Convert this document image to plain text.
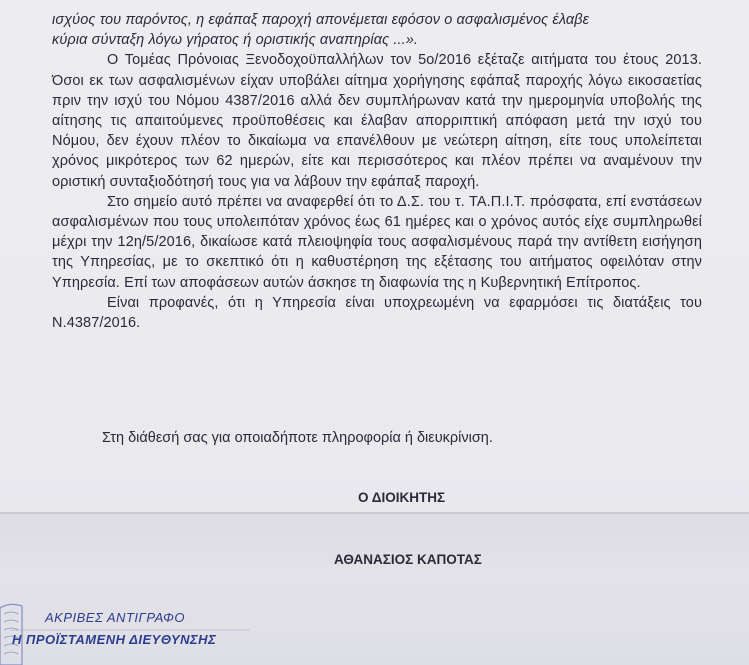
ισχύος του παρόντος, η εφάπαξ παροχή απονέμεται εφόσον ο ασφαλισμένος έλαβε

κύρια σύνταξη λόγω γήρατος ή οριστικής αναπηρίας ...».

Ο Τομέας Πρόνοιας Ξενοδοχοϋπαλλήλων τον 5ο/2016 εξέταζε αιτήματα του έτους 2013. Όσοι εκ των ασφαλισμένων είχαν υποβάλει αίτημα χορήγησης εφάπαξ παροχής λόγω εικοσαετίας πριν την ισχύ του Νόμου 4387/2016 αλλά δεν συμπλήρωναν κατά την ημερομηνία υποβολής της αίτησης τις απαιτούμενες προϋποθέσεις και έλαβαν απορριπτική απόφαση μετά την ισχύ του Νόμου, δεν έχουν πλέον το δικαίωμα να επανέλθουν με νεώτερη αίτηση, είτε τους υπολείπεται χρόνος μικρότερος των 62 ημερών, είτε και περισσότερος και πλέον πρέπει να αναμένουν την οριστική συνταξιοδότησή τους για να λάβουν την εφάπαξ παροχή.

Στο σημείο αυτό πρέπει να αναφερθεί ότι το Δ.Σ. του τ. ΤΑ.Π.Ι.Τ. πρόσφατα, επί ενστάσεων ασφαλισμένων που τους υπολειπόταν χρόνος έως 61 ημέρες και ο χρόνος αυτός είχε συμπληρωθεί μέχρι την 12η/5/2016, δικαίωσε κατά πλειοψηφία τους ασφαλισμένους παρά την αντίθετη εισήγηση της Υπηρεσίας, με το σκεπτικό ότι η καθυστέρηση της εξέτασης του αιτήματος οφειλόταν στην Υπηρεσία. Επί των αποφάσεων αυτών άσκησε τη διαφωνία της η Κυβερνητική Επίτροπος.

Είναι προφανές, ότι η Υπηρεσία είναι υποχρεωμένη να εφαρμόσει τις διατάξεις του Ν.4387/2016.

Στη διάθεσή σας για οποιαδήποτε πληροφορία ή διευκρίνιση.
Ο ΔΙΟΙΚΗΤΗΣ
ΑΘΑΝΑΣΙΟΣ ΚΑΠΟΤΑΣ
ΑΚΡΙΒΕΣ ΑΝΤΙΓΡΑΦΟ
Η ΠΡΟΪΣΤΑΜΕΝΗ ΔΙΕΥΘΥΝΣΗΣ
